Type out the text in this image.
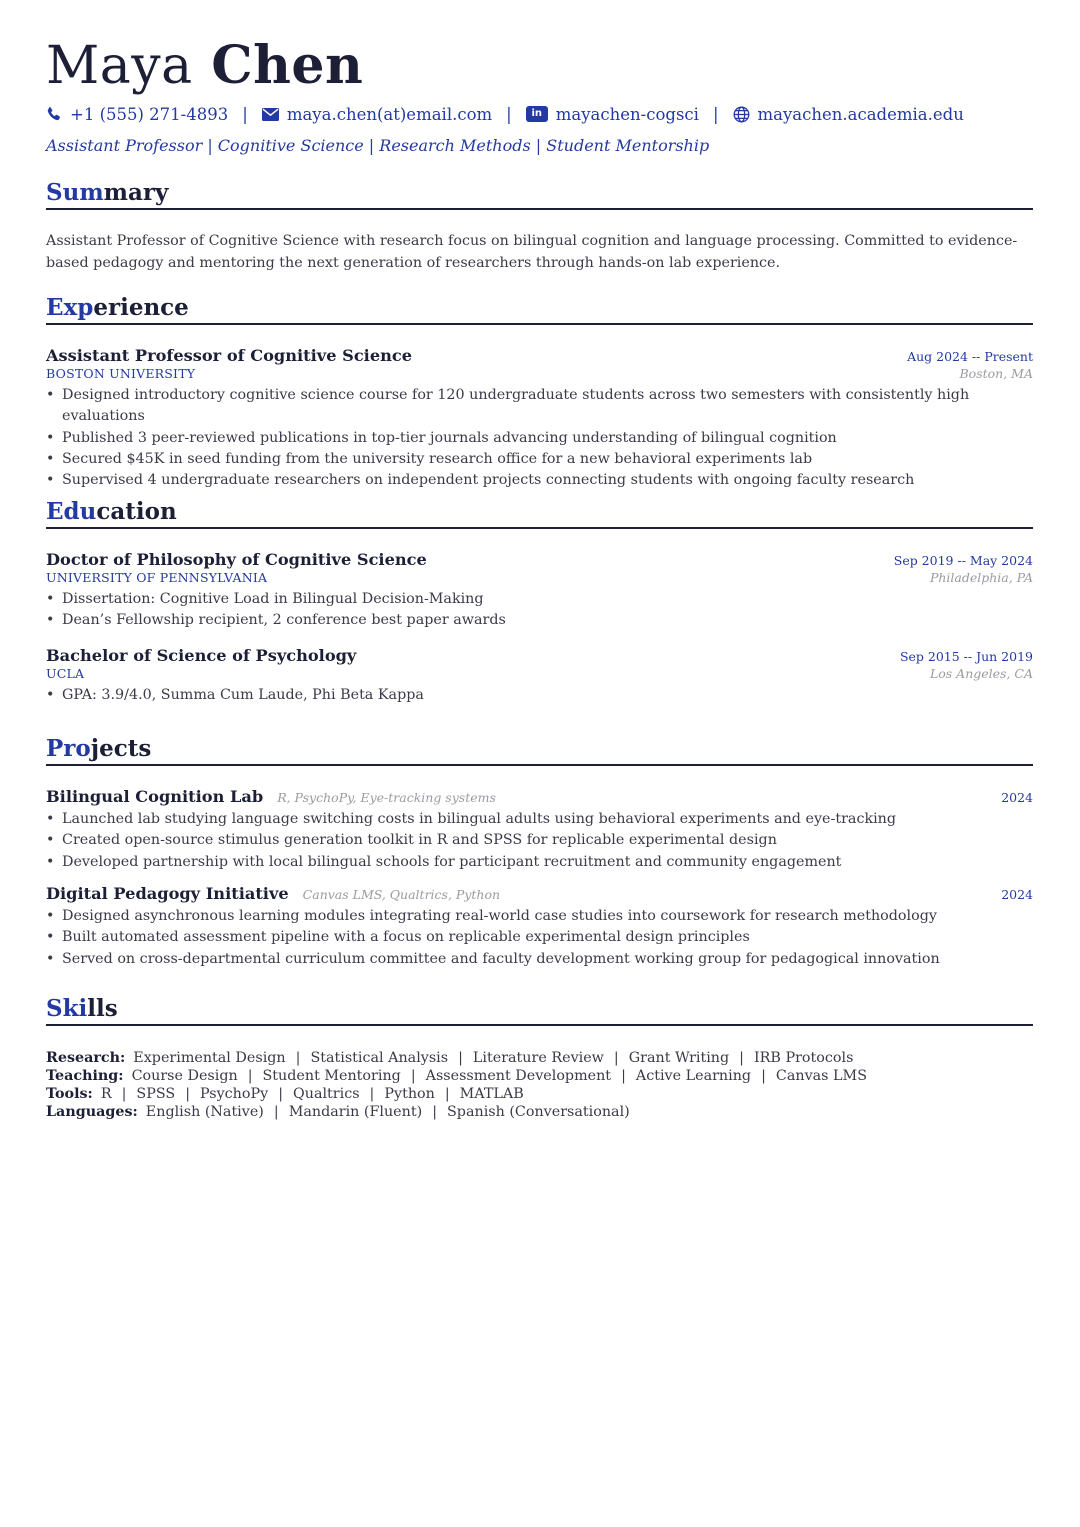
Maya Chen
+1 (555) 271-4893 | maya.chen(at)email.com |	in mayachen-cogsci | mayachen.academia.edu
Assistant Professor | Cognitive Science | Research Methods | Student Mentorship
Summary
Assistant Professor of Cognitive Science with research focus on bilingual cognition and language processing. Committed to evidence-based pedagogy and mentoring the next generation of researchers through hands-on lab experience.
Experience
Assistant Professor of Cognitive Science	Aug 2024 -- Present
BOSTON UNIVERSITY	Boston, MA
• Designed introductory cognitive science course for 120 undergraduate students across two semesters with consistently high evaluations
• Published 3 peer-reviewed publications in top-tier journals advancing understanding of bilingual cognition
• Secured $45K in seed funding from the university research office for a new behavioral experiments lab
• Supervised 4 undergraduate researchers on independent projects connecting students with ongoing faculty research
Education
Doctor of Philosophy of Cognitive Science	Sep 2019 -- May 2024
UNIVERSITY OF PENNSYLVANIA	Philadelphia, PA
• Dissertation: Cognitive Load in Bilingual Decision-Making
• Dean’s Fellowship recipient, 2 conference best paper awards
Bachelor of Science of Psychology	Sep 2015 -- Jun 2019
UCLA	Los Angeles, CA
• GPA: 3.9/4.0, Summa Cum Laude, Phi Beta Kappa
Projects
Bilingual Cognition Lab R, PsychoPy, Eye-tracking systems	2024
• Launched lab studying language switching costs in bilingual adults using behavioral experiments and eye-tracking
• Created open-source stimulus generation toolkit in R and SPSS for replicable experimental design
• Developed partnership with local bilingual schools for participant recruitment and community engagement
Digital Pedagogy Initiative Canvas LMS, Qualtrics, Python	2024
• Designed asynchronous learning modules integrating real-world case studies into coursework for research methodology
• Built automated assessment pipeline with a focus on replicable experimental design principles
• Served on cross-departmental curriculum committee and faculty development working group for pedagogical innovation
Skills
Research: Experimental Design | Statistical Analysis | Literature Review | Grant Writing | IRB Protocols
Teaching: Course Design | Student Mentoring | Assessment Development | Active Learning | Canvas LMS
Tools: R | SPSS | PsychoPy | Qualtrics | Python | MATLAB
Languages: English (Native) | Mandarin (Fluent) | Spanish (Conversational)
